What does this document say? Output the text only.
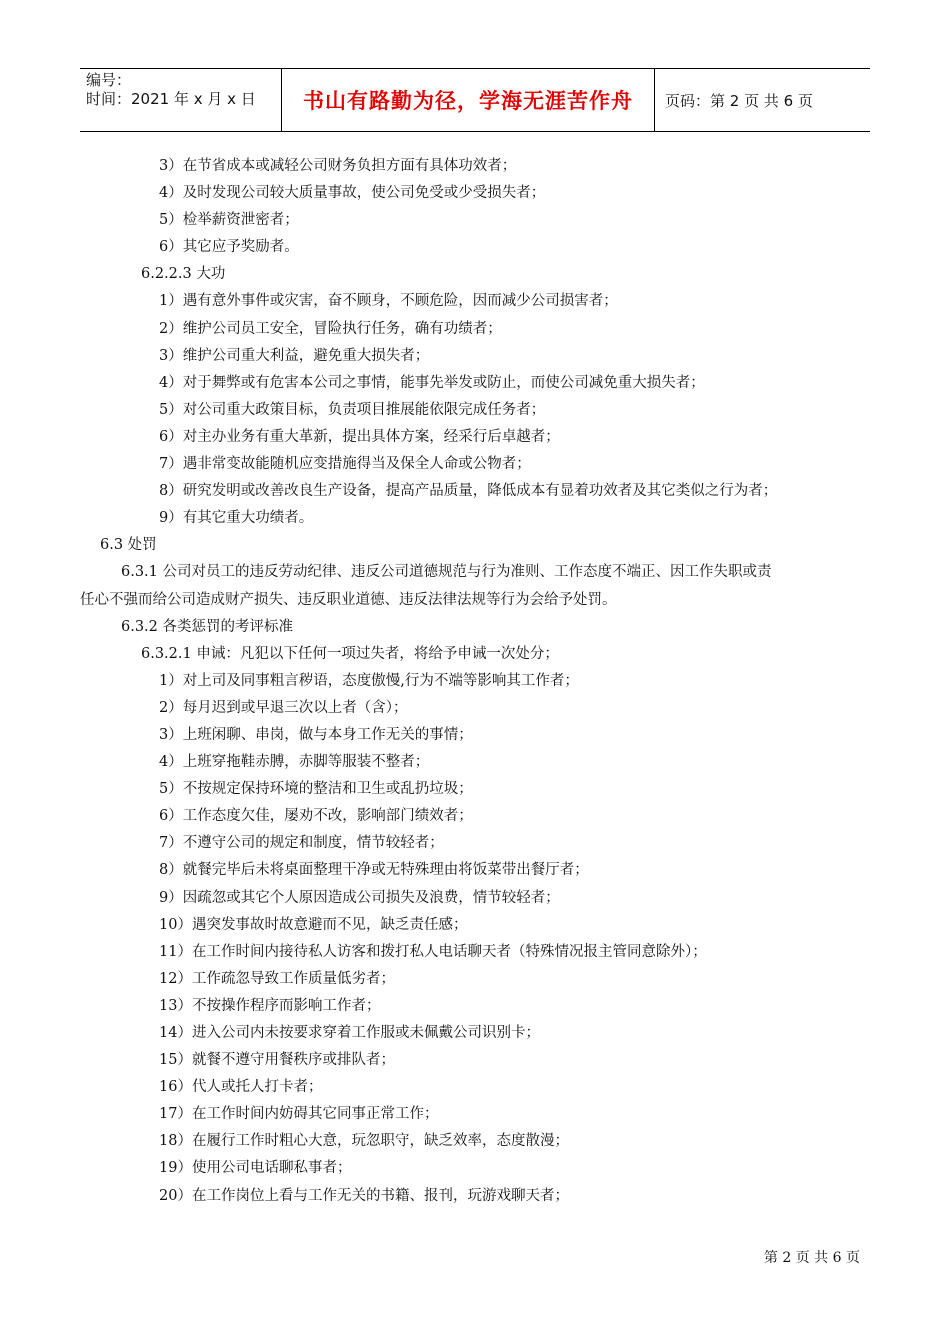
编号：
时间：2021 年 x 月 x 日	书山有路勤为径，学海无涯苦作舟	页码：第 2 页 共 6 页
3）在节省成本或减轻公司财务负担方面有具体功效者；
4）及时发现公司较大质量事故，使公司免受或少受损失者；
5）检举薪资泄密者；
6）其它应予奖励者。
6.2.2.3 大功
1）遇有意外事件或灾害，奋不顾身，不顾危险，因而减少公司损害者；
2）维护公司员工安全，冒险执行任务，确有功绩者；
3）维护公司重大利益，避免重大损失者；
4）对于舞弊或有危害本公司之事情，能事先举发或防止，而使公司减免重大损失者；
5）对公司重大政策目标，负责项目推展能依限完成任务者；
6）对主办业务有重大革新，提出具体方案，经采行后卓越者；
7）遇非常变故能随机应变措施得当及保全人命或公物者；
8）研究发明或改善改良生产设备，提高产品质量，降低成本有显着功效者及其它类似之行为者；
9）有其它重大功绩者。
6.3 处罚
6.3.1 公司对员工的违反劳动纪律、违反公司道德规范与行为准则、工作态度不端正、因工作失职或责
任心不强而给公司造成财产损失、违反职业道德、违反法律法规等行为会给予处罚。
6.3.2 各类惩罚的考评标准
6.3.2.1 申诫：凡犯以下任何一项过失者，将给予申诫一次处分；
1）对上司及同事粗言秽语，态度傲慢,行为不端等影响其工作者；
2）每月迟到或早退三次以上者（含）；
3）上班闲聊、串岗，做与本身工作无关的事情；
4）上班穿拖鞋赤膊，赤脚等服装不整者；
5）不按规定保持环境的整洁和卫生或乱扔垃圾；
6）工作态度欠佳，屡劝不改，影响部门绩效者；
7）不遵守公司的规定和制度，情节较轻者；
8）就餐完毕后未将桌面整理干净或无特殊理由将饭菜带出餐厅者；
9）因疏忽或其它个人原因造成公司损失及浪费，情节较轻者；
10）遇突发事故时故意避而不见，缺乏责任感；
11）在工作时间内接待私人访客和拨打私人电话聊天者（特殊情况报主管同意除外）；
12）工作疏忽导致工作质量低劣者；
13）不按操作程序而影响工作者；
14）进入公司内未按要求穿着工作服或未佩戴公司识别卡；
15）就餐不遵守用餐秩序或排队者；
16）代人或托人打卡者；
17）在工作时间内妨碍其它同事正常工作；
18）在履行工作时粗心大意，玩忽职守，缺乏效率，态度散漫；
19）使用公司电话聊私事者；
20）在工作岗位上看与工作无关的书籍、报刊，玩游戏聊天者；
第 2 页 共 6 页
